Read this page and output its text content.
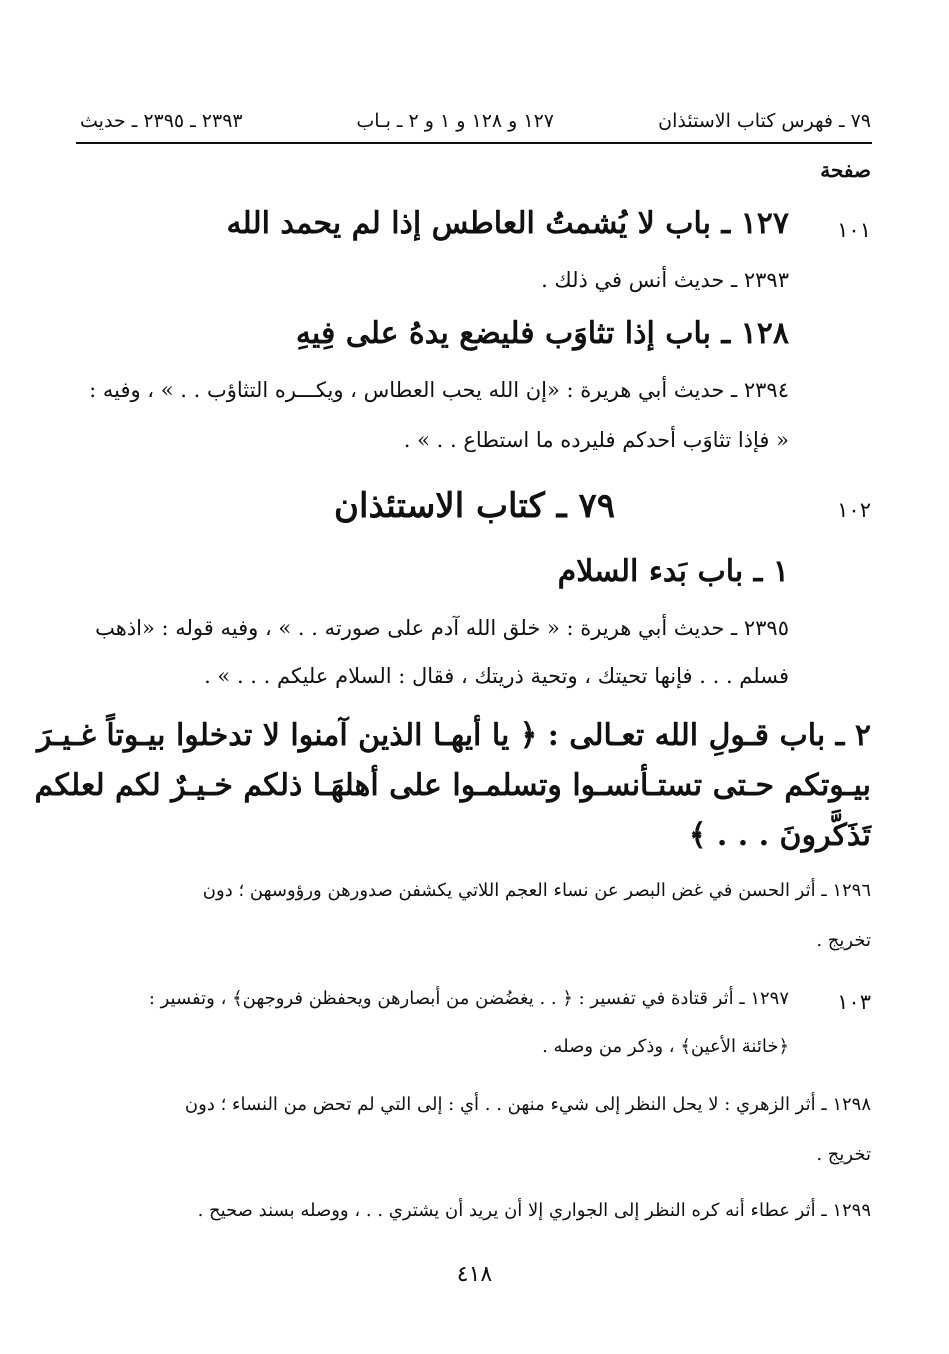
٧٩ ـ فهرس كتاب الاستئذان
١٢٧ و ١٢٨ و ١ و ٢ ـ بـاب
٢٣٩٣ ـ ٢٣٩٥ ـ حديث
صفحة
١٠١
١٢٧ ـ باب لا يُشمتُ العاطس إذا لم يحمد الله
٢٣٩٣ ـ حديث أنس في ذلك .
١٢٨ ـ باب إذا تثاوَب فليضع يدهُ على فِيهِ
٢٣٩٤ ـ حديث أبي هريرة : «إن الله يحب العطاس ، ويكـــره التثاؤب . . » ، وفيه :
« فإذا تثاوَب أحدكم فليرده ما استطاع . . » .
١٠٢
٧٩ ـ كتاب الاستئذان
١ ـ باب بَدء السلام
٢٣٩٥ ـ حديث أبي هريرة : « خلق الله آدم على صورته . . » ، وفيه قوله : «اذهب
فسلم . . . فإنها تحيتك ، وتحية ذريتك ، فقال : السلام عليكم . . . » .
٢ ـ باب قـولِ الله تعـالى : ﴿ يا أيهـا الذين آمنوا لا تدخلوا بيـوتاً غـيـرَ
بيـوتكم حـتى تستـأنسـوا وتسلمـوا على أهلهَـا ذلكم خـيـرٌ لكم لعلكم
تَذَكَّرونَ . . . ﴾
١٢٩٦ ـ أثر الحسن في غض البصر عن نساء العجم اللاتي يكشفن صدورهن ورؤوسهن ؛ دون
تخريج .
١٠٣
١٢٩٧ ـ أثر قتادة في تفسير : ﴿ . . يغضُضن من أبصارهن ويحفظن فروجهن﴾ ، وتفسير :
﴿خائنة الأعين﴾ ، وذكر من وصله .
١٢٩٨ ـ أثر الزهري : لا يحل النظر إلى شيء منهن . . أي : إلى التي لم تحض من النساء ؛ دون
تخريج .
١٢٩٩ ـ أثر عطاء أنه كره النظر إلى الجواري إلا أن يريد أن يشتري . . ، ووصله بسند صحيح .
٤١٨
